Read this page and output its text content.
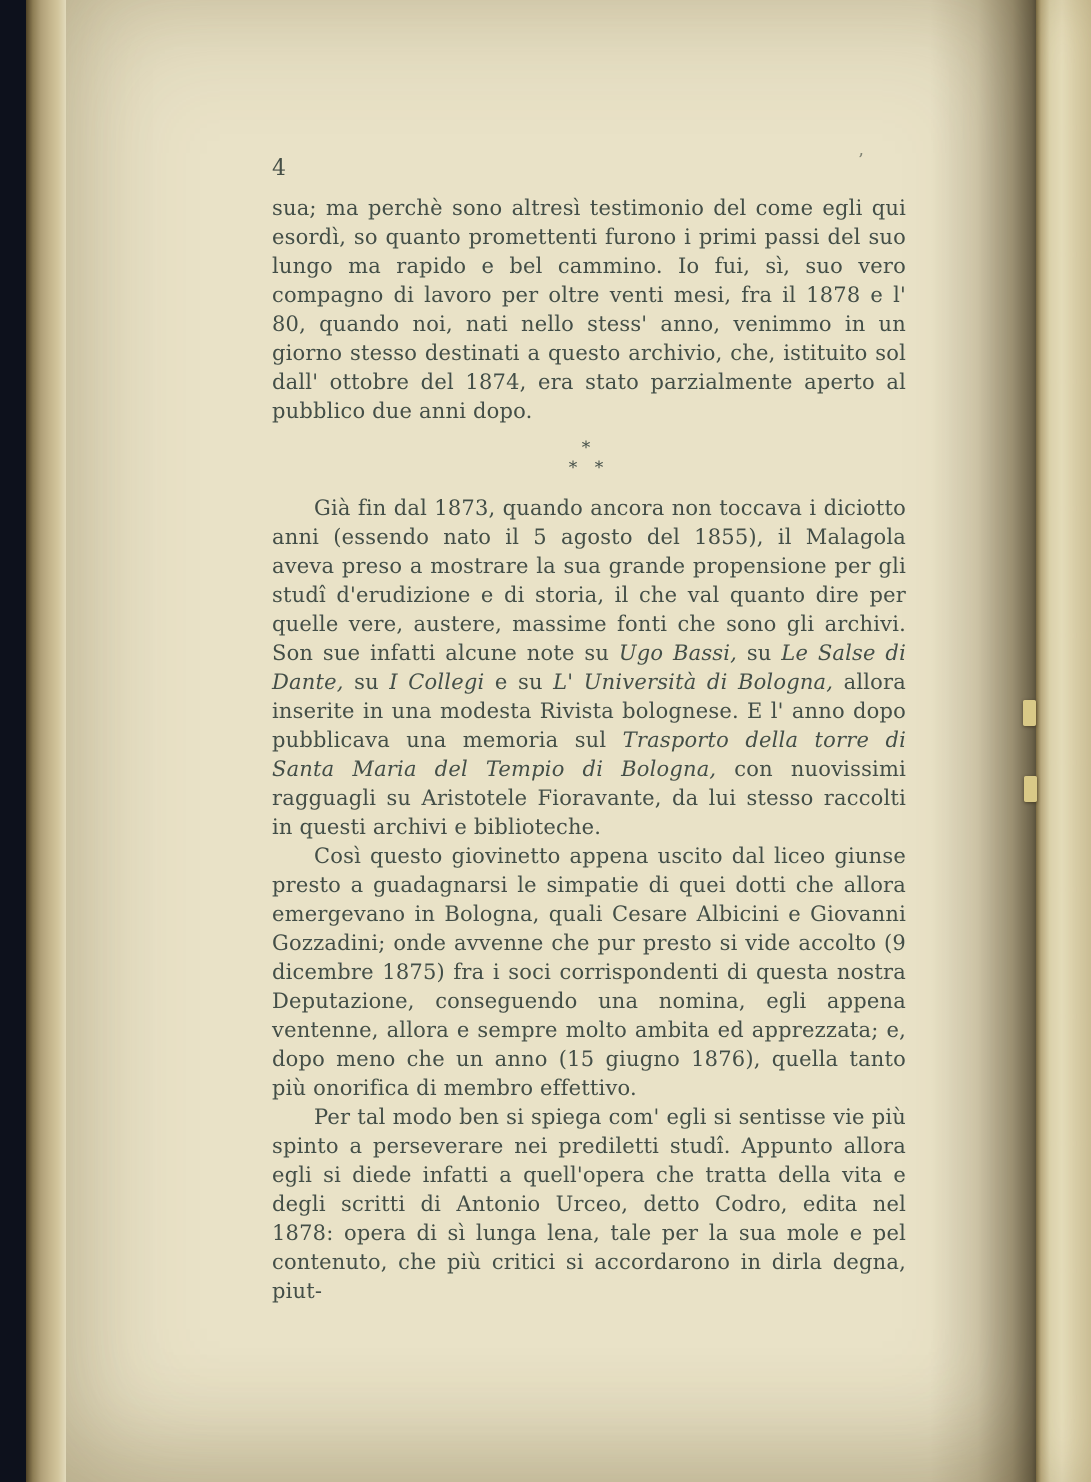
4	’

sua; ma perchè sono altresì testimonio del come egli qui esordì, so quanto promettenti furono i primi passi del suo lungo ma rapido e bel cammino. Io fui, sì, suo vero compagno di lavoro per oltre venti mesi, fra il 1878 e l' 80, quando noi, nati nello stess' anno, venimmo in un giorno stesso destinati a questo archivio, che, istituito sol dall' ottobre del 1874, era stato parzialmente aperto al pubblico due anni dopo.

*
* *

Già fin dal 1873, quando ancora non toccava i diciotto anni (essendo nato il 5 agosto del 1855), il Malagola aveva preso a mostrare la sua grande propensione per gli studî d'erudizione e di storia, il che val quanto dire per quelle vere, austere, massime fonti che sono gli archivi. Son sue infatti alcune note su Ugo Bassi, su Le Salse di Dante, su I Collegi e su L' Università di Bologna, allora inserite in una modesta Rivista bolognese. E l' anno dopo pubblicava una memoria sul Trasporto della torre di Santa Maria del Tempio di Bologna, con nuovissimi ragguagli su Aristotele Fioravante, da lui stesso raccolti in questi archivi e biblioteche.

Così questo giovinetto appena uscito dal liceo giunse presto a guadagnarsi le simpatie di quei dotti che allora emergevano in Bologna, quali Cesare Albicini e Giovanni Gozzadini; onde avvenne che pur presto si vide accolto (9 dicembre 1875) fra i soci corrispondenti di questa nostra Deputazione, conseguendo una nomina, egli appena ventenne, allora e sempre molto ambita ed apprezzata; e, dopo meno che un anno (15 giugno 1876), quella tanto più onorifica di membro effettivo.

Per tal modo ben si spiega com' egli si sentisse vie più spinto a perseverare nei prediletti studî. Appunto allora egli si diede infatti a quell'opera che tratta della vita e degli scritti di Antonio Urceo, detto Codro, edita nel 1878: opera di sì lunga lena, tale per la sua mole e pel contenuto, che più critici si accordarono in dirla degna, piut-
